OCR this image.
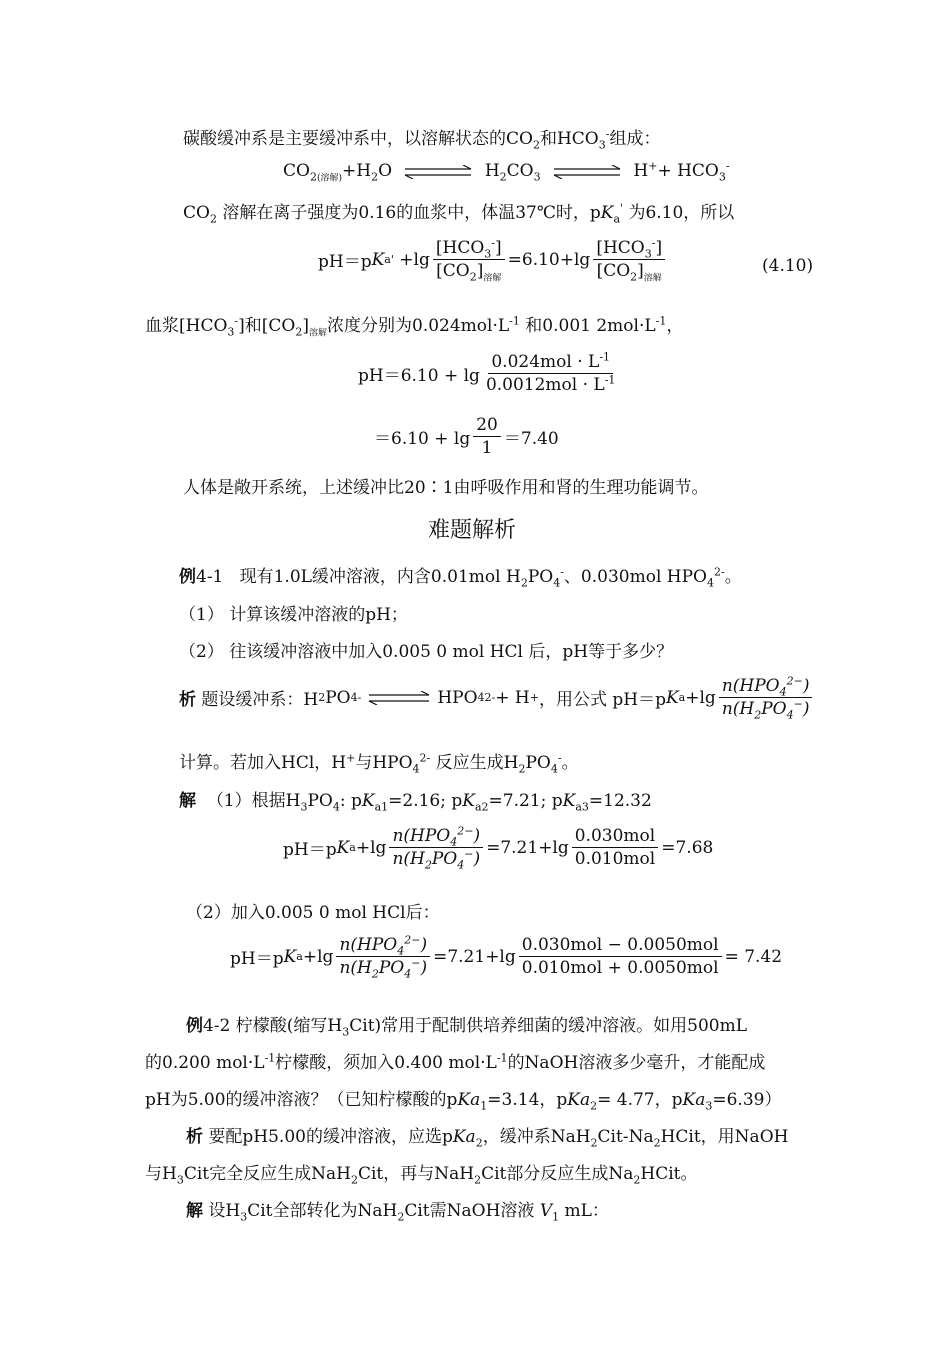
碳酸缓冲系是主要缓冲系中，以溶解状态的$CO_2$和$HCO_3^-$组成：
$CO_{2(溶解)}+H_2O$	$H_2CO_3$	$H^++ HCO_3^-$
$CO_2$ 溶解在离子强度为0.16的血浆中，体温37℃时，$pK_a'$ 为6.10，所以
pH＝p K a '
+lg
$[HCO_3^-]$
$[CO_2]_{溶解}$
=6.10+lg
$[HCO_3^-]$
$[CO_2]_{溶解}$
(4.10)
血浆$[HCO_3^-]$和$[CO_2]_{溶解}$浓度分别为$0.024mol\cdot L^{-1}$ 和0.001 $2mol\cdot L^{-1}$，
pH＝6.10 + lg
$0.024mol \cdot L^{-1}$
$0.0012mol \cdot L^{-1}$
＝6.10 + lg
20
1 ＝7.40
人体是敞开系统，上述缓冲比20∶1由呼吸作用和肾的生理功能调节。
难题解析
例4-1 现有1.0L缓冲溶液，内含0.01mol $H_2PO_4^-$、0.030mol $HPO_4^{2-}$。
（1） 计算该缓冲溶液的pH；
（2） 往该缓冲溶液中加入0.005 0 mol HCl 后，pH等于多少？
析
题设缓冲系：H 2 PO 4 - ⇌ HPO 4 2- + H + ，用公式 pH＝p K a +lg
$n(HPO_4^{2-})$
$n(H_2PO_4^-)$
计算。若加入HCl，H+与$HPO_4^{2-}$ 反应生成$H_2PO_4^-$。
解 （1）根据$H_3PO_4$: $pK_{a1}=2.16$; $pK_{a2}=7.21$; $pK_{a3}=12.32$
pH＝p K a +lg
$n(HPO_4^{2-})$
$n(H_2PO_4^-)$
=7.21+lg
0.030mol
0.010mol
=7.68
（2）加入0.005 0 mol HCl后：
pH＝p K a +lg
$n(HPO_4^{2-})$
$n(H_2PO_4^-)$
=7.21+lg
0.030mol − 0.0050mol
0.010mol + 0.0050mol
= 7.42
例4-2 柠檬酸(缩写$H_3Cit$)常用于配制供培养细菌的缓冲溶液。如用500mL
的0.200 $mol\cdot L^{-1}$柠檬酸，须加入0.400 $mol\cdot L^{-1}$的NaOH溶液多少毫升，才能配成
pH为5.00的缓冲溶液？（已知柠檬酸的pKa$_1$=3.14，pKa$_2$= 4.77，pKa$_3$=6.39）
析 要配pH5.00的缓冲溶液，应选pKa$_2$，缓冲系$NaH_2Cit-Na_2HCit$，用NaOH
与$H_3Cit$完全反应生成NaH$_2$Cit，再与NaH$_2$Cit部分反应生成$Na_2HCit$。
解 设$H_3Cit$全部转化为NaH$_2$Cit需NaOH溶液 $V_1$ mL：
